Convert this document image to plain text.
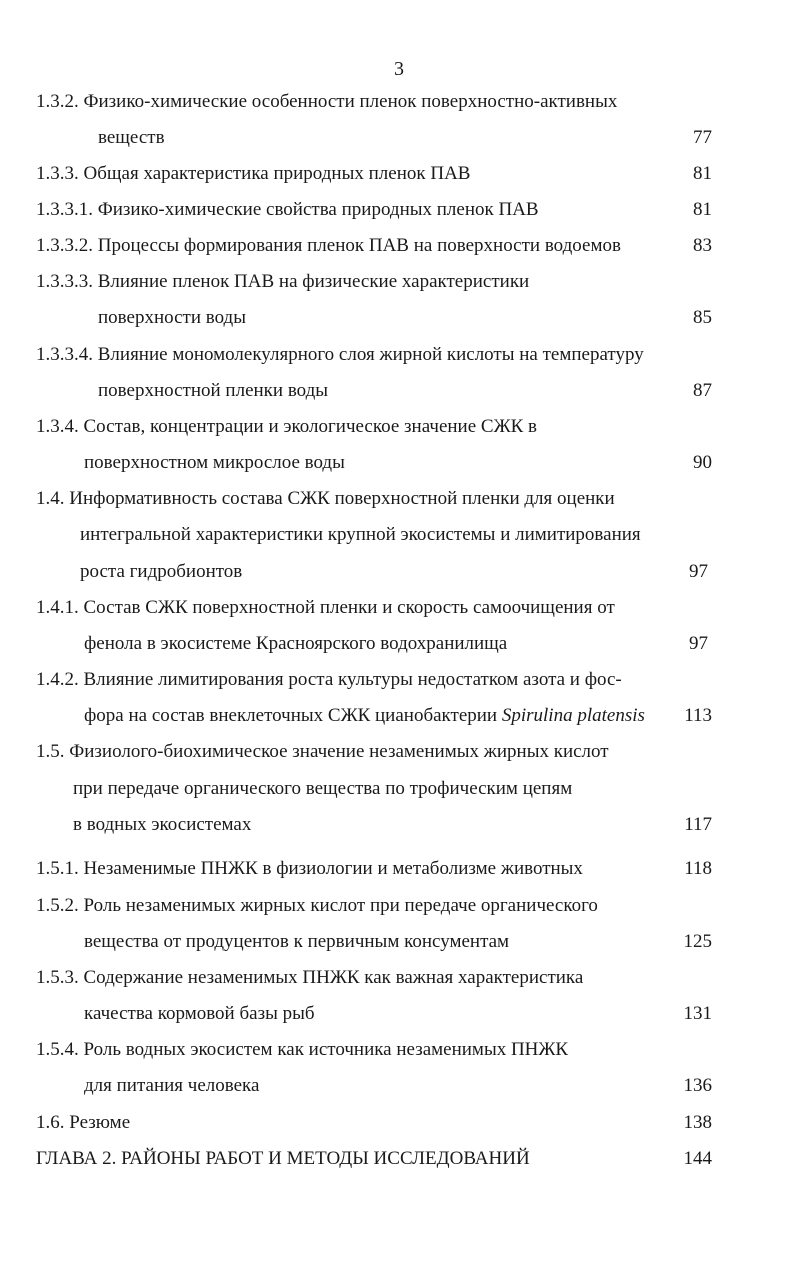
3
1.3.2. Физико-химические особенности пленок поверхностно-активных
веществ	77
1.3.3. Общая характеристика природных пленок ПАВ	81
1.3.3.1. Физико-химические свойства природных пленок ПАВ	81
1.3.3.2. Процессы формирования пленок ПАВ на поверхности водоемов	83
1.3.3.3. Влияние пленок ПАВ на физические характеристики
поверхности воды	85
1.3.3.4. Влияние мономолекулярного слоя жирной кислоты на температуру
поверхностной пленки воды	87
1.3.4. Состав, концентрации и экологическое значение СЖК в
поверхностном микрослое воды	90
1.4. Информативность состава СЖК поверхностной пленки для оценки
интегральной характеристики крупной экосистемы и лимитирования
роста гидробионтов	97
1.4.1. Состав СЖК поверхностной пленки и скорость самоочищения от
фенола в экосистеме Красноярского водохранилища	97
1.4.2. Влияние лимитирования роста культуры недостатком азота и фос-
фора на состав внеклеточных СЖК цианобактерии Spirulina platensis	113
1.5. Физиолого-биохимическое значение незаменимых жирных кислот
при передаче органического вещества по трофическим цепям
в водных экосистемах	117
1.5.1. Незаменимые ПНЖК в физиологии и метаболизме животных	118
1.5.2. Роль незаменимых жирных кислот при передаче органического
вещества от продуцентов к первичным консументам	125
1.5.3. Содержание незаменимых ПНЖК как важная характеристика
качества кормовой базы рыб	131
1.5.4. Роль водных экосистем как источника незаменимых ПНЖК
для питания человека	136
1.6. Резюме	138
ГЛАВА 2. РАЙОНЫ РАБОТ И МЕТОДЫ ИССЛЕДОВАНИЙ	144
